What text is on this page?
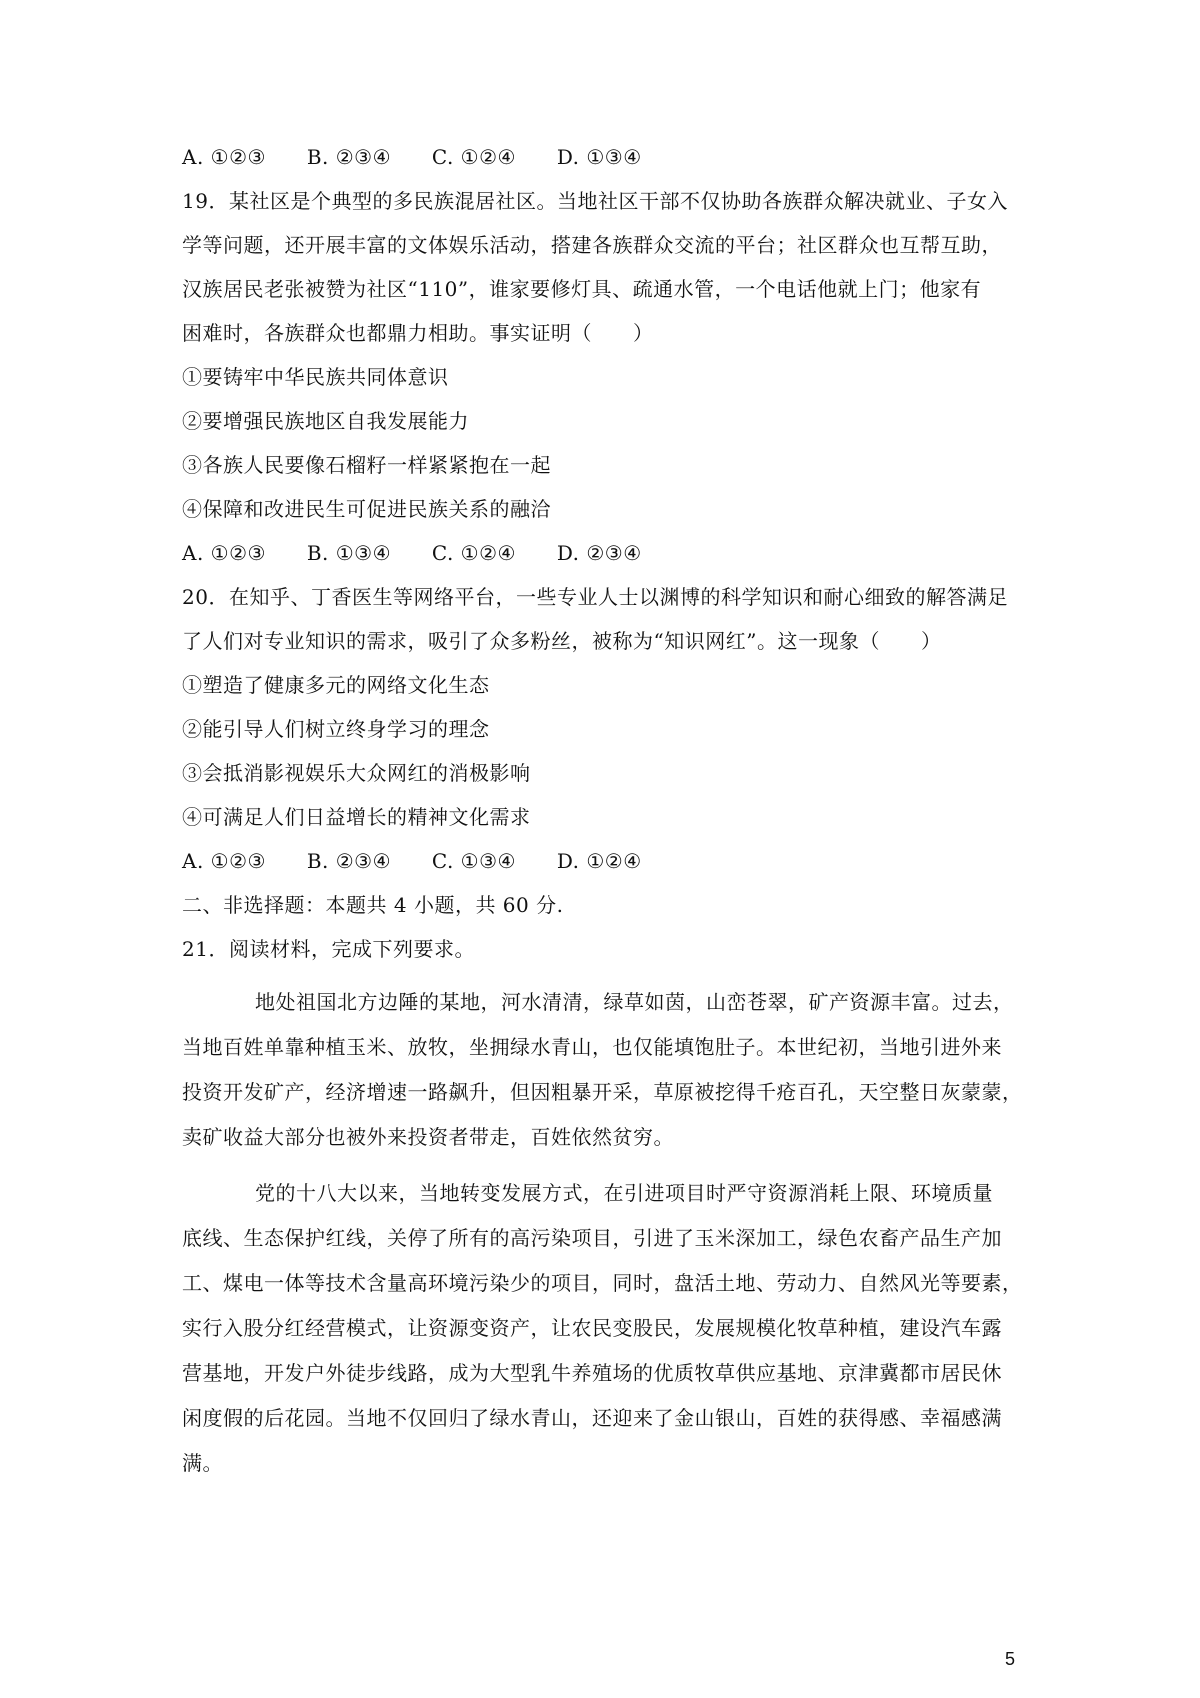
A. ①②③ B. ②③④ C. ①②④ D. ①③④
19．某社区是个典型的多民族混居社区。当地社区干部不仅协助各族群众解决就业、子女入
学等问题，还开展丰富的文体娱乐活动，搭建各族群众交流的平台；社区群众也互帮互助，
汉族居民老张被赞为社区“110”，谁家要修灯具、疏通水管，一个电话他就上门；他家有
困难时，各族群众也都鼎力相助。事实证明（　　）
①要铸牢中华民族共同体意识
②要增强民族地区自我发展能力
③各族人民要像石榴籽一样紧紧抱在一起
④保障和改进民生可促进民族关系的融洽
A. ①②③ B. ①③④ C. ①②④ D. ②③④
20．在知乎、丁香医生等网络平台，一些专业人士以渊博的科学知识和耐心细致的解答满足
了人们对专业知识的需求，吸引了众多粉丝，被称为“知识网红”。这一现象（　　）
①塑造了健康多元的网络文化生态
②能引导人们树立终身学习的理念
③会抵消影视娱乐大众网红的消极影响
④可满足人们日益增长的精神文化需求
A. ①②③ B. ②③④ C. ①③④ D. ①②④
二、非选择题：本题共 4 小题，共 60 分.
21．阅读材料，完成下列要求。
地处祖国北方边陲的某地，河水清清，绿草如茵，山峦苍翠，矿产资源丰富。过去，
当地百姓单靠种植玉米、放牧，坐拥绿水青山，也仅能填饱肚子。本世纪初，当地引进外来
投资开发矿产，经济增速一路飙升，但因粗暴开采，草原被挖得千疮百孔，天空整日灰蒙蒙，
卖矿收益大部分也被外来投资者带走，百姓依然贫穷。
党的十八大以来，当地转变发展方式，在引进项目时严守资源消耗上限、环境质量
底线、生态保护红线，关停了所有的高污染项目，引进了玉米深加工，绿色农畜产品生产加
工、煤电一体等技术含量高环境污染少的项目，同时，盘活土地、劳动力、自然风光等要素，
实行入股分红经营模式，让资源变资产，让农民变股民，发展规模化牧草种植，建设汽车露
营基地，开发户外徒步线路，成为大型乳牛养殖场的优质牧草供应基地、京津冀都市居民休
闲度假的后花园。当地不仅回归了绿水青山，还迎来了金山银山，百姓的获得感、幸福感满
满。
5
